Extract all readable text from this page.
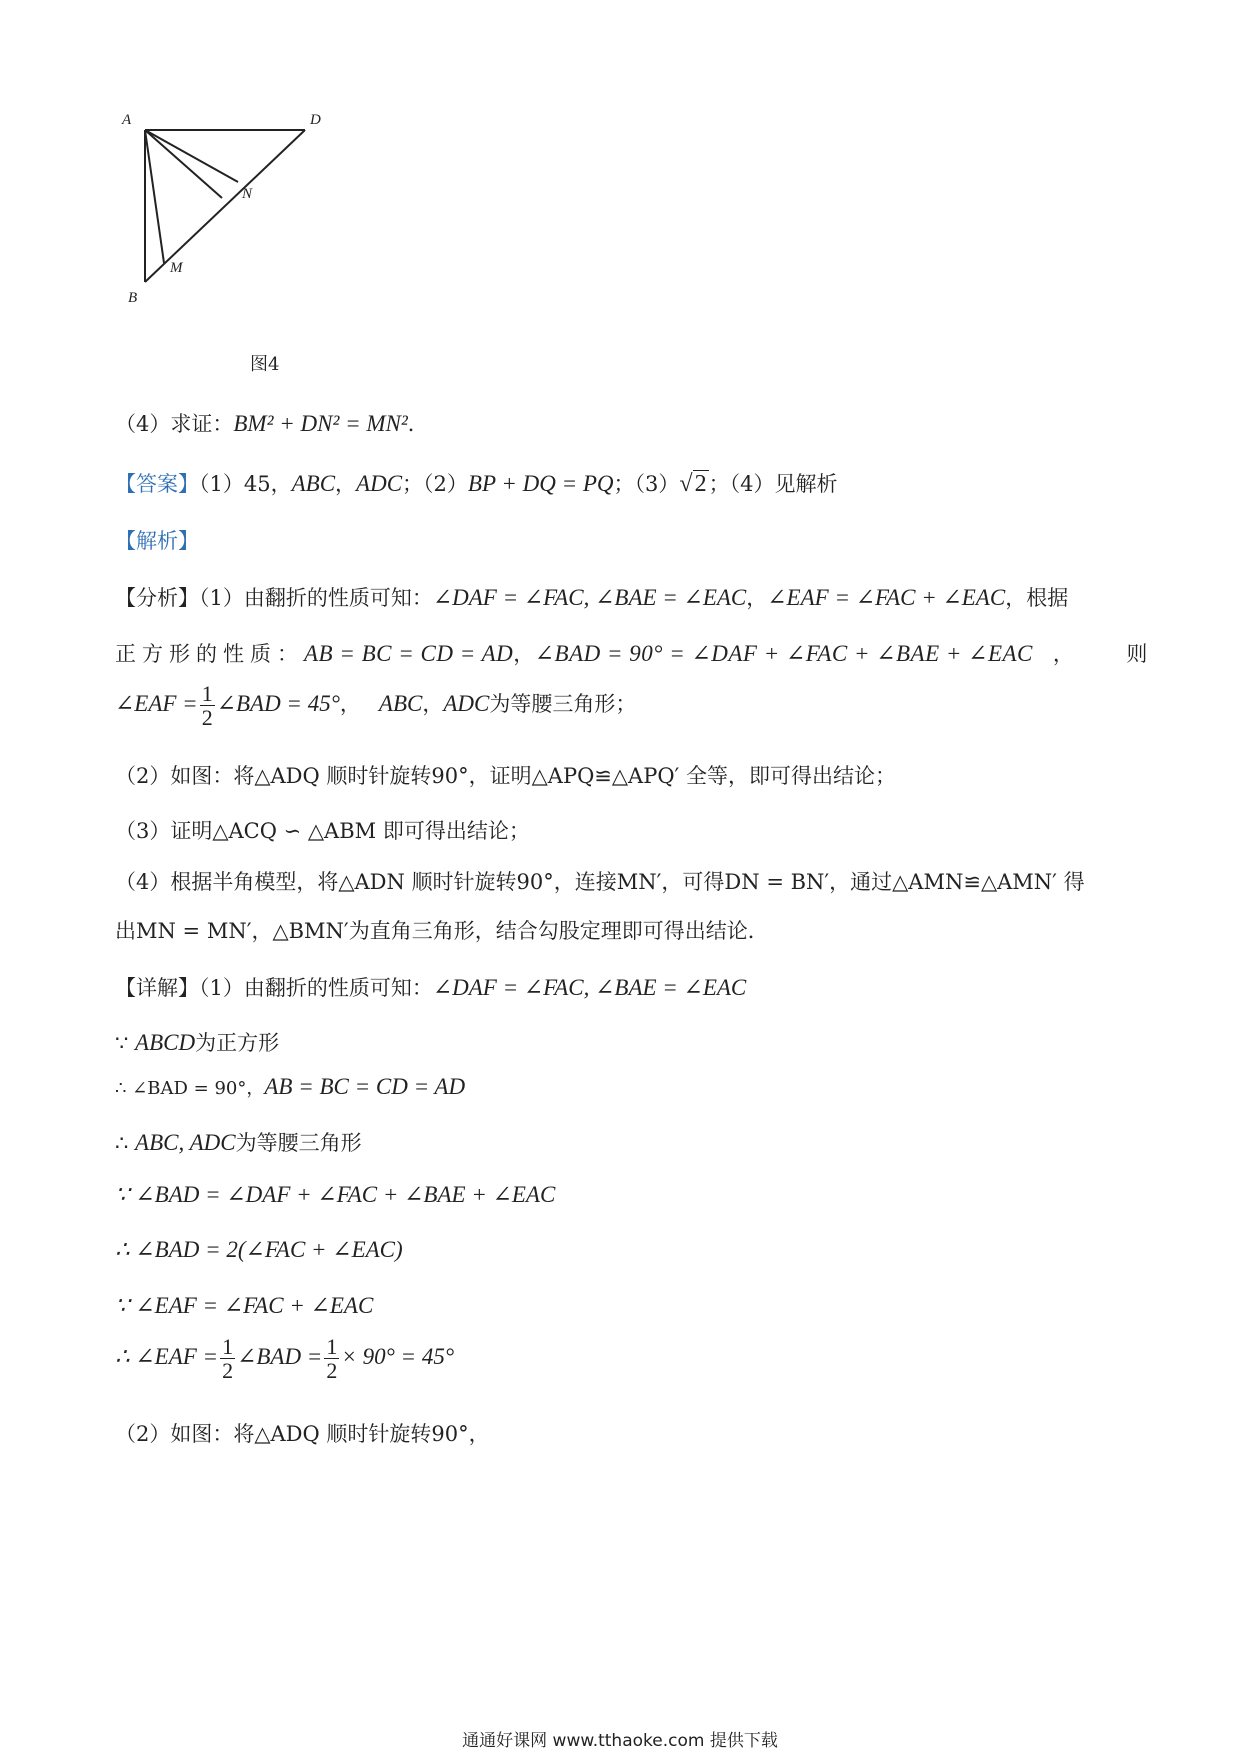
A	D
N
M
B
图4
（4）求证：BM² + DN² = MN²．
【答案】（1）45，ABC，ADC；（2）BP + DQ = PQ；（3）√2；（4）见解析
【解析】
【分析】（1）由翻折的性质可知：∠DAF = ∠FAC, ∠BAE = ∠EAC，∠EAF = ∠FAC + ∠EAC，根据
正方形的性质：AB = BC = CD = AD，∠BAD = 90° = ∠DAF + ∠FAC + ∠BAE + ∠EAC ， 则
∠EAF = $\frac{1}{2}$ ∠BAD = 45°， ABC，ADC为等腰三角形；
（2）如图：将△ADQ 顺时针旋转90°，证明△APQ≌△APQ′ 全等，即可得出结论；
（3）证明△ACQ ∽ △ABM 即可得出结论；
（4）根据半角模型，将△ADN 顺时针旋转90°，连接MN′，可得DN = BN′，通过△AMN≌△AMN′ 得
出MN = MN′，△BMN′为直角三角形，结合勾股定理即可得出结论．
【详解】（1）由翻折的性质可知：∠DAF = ∠FAC, ∠BAE = ∠EAC
∵ ABCD为正方形
∴ ∠BAD = 90°，AB = BC = CD = AD
∴ ABC, ADC为等腰三角形
∵ ∠BAD = ∠DAF + ∠FAC + ∠BAE + ∠EAC
∴ ∠BAD = 2(∠FAC + ∠EAC)
∵ ∠EAF = ∠FAC + ∠EAC
∴ ∠EAF = $\frac{1}{2}$ ∠BAD = $\frac{1}{2} \times 90^\circ = 45^\circ$
（2）如图：将△ADQ 顺时针旋转90°，
通通好课网 www.tthaoke.com 提供下载
